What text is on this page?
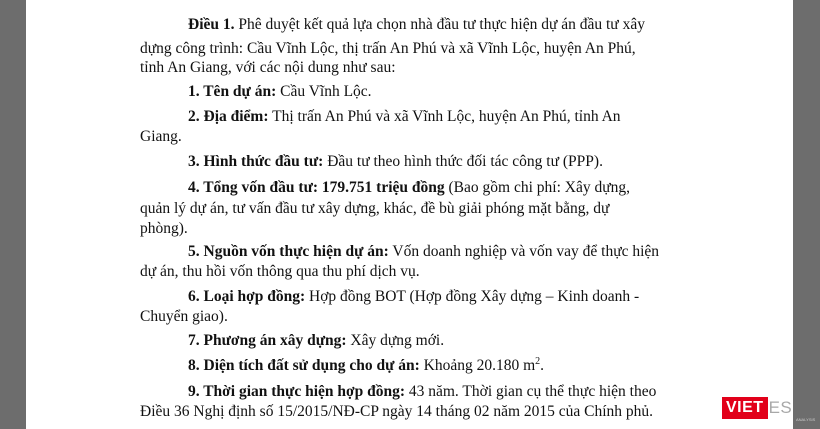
Điều 1. Phê duyệt kết quả lựa chọn nhà đầu tư thực hiện dự án đầu tư xây
dựng công trình: Cầu Vĩnh Lộc, thị trấn An Phú và xã Vĩnh Lộc, huyện An Phú,
tỉnh An Giang, với các nội dung như sau:
1. Tên dự án: Cầu Vĩnh Lộc.
2. Địa điểm: Thị trấn An Phú và xã Vĩnh Lộc, huyện An Phú, tỉnh An
Giang.
3. Hình thức đầu tư: Đầu tư theo hình thức đối tác công tư (PPP).
4. Tổng vốn đầu tư: 179.751 triệu đồng (Bao gồm chi phí: Xây dựng,
quản lý dự án, tư vấn đầu tư xây dựng, khác, đề bù giải phóng mặt bằng, dự
phòng).
5. Nguồn vốn thực hiện dự án: Vốn doanh nghiệp và vốn vay để thực hiện
dự án, thu hồi vốn thông qua thu phí dịch vụ.
6. Loại hợp đồng: Hợp đồng BOT (Hợp đồng Xây dựng – Kinh doanh -
Chuyển giao).
7. Phương án xây dựng: Xây dựng mới.
8. Diện tích đất sử dụng cho dự án: Khoảng 20.180 $m^2$.
9. Thời gian thực hiện hợp đồng: 43 năm. Thời gian cụ thể thực hiện theo
Điều 36 Nghị định số 15/2015/NĐ-CP ngày 14 tháng 02 năm 2015 của Chính phủ.	VIET ES
ANALYSIS
